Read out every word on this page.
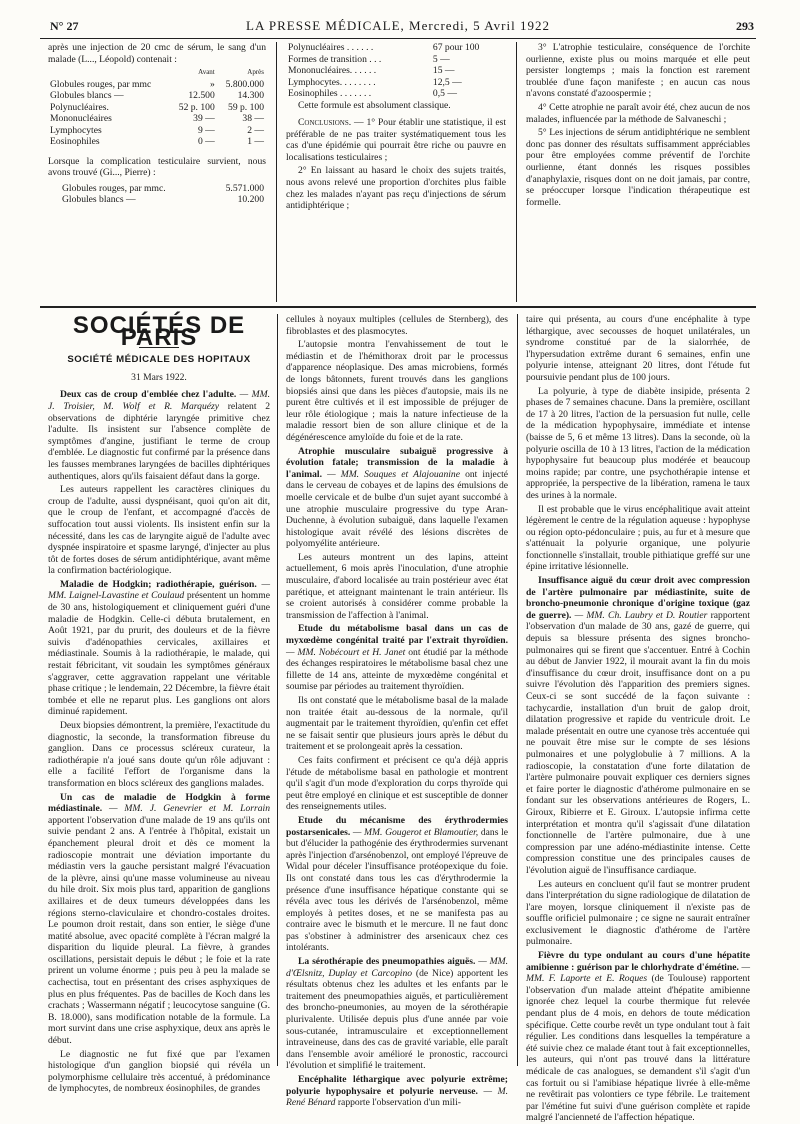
N° 27	LA PRESSE MÉDICALE, Mercredi, 5 Avril 1922	293

après une injection de 20 cmc de sérum, le sang d'un malade (L..., Léopold) contenait :

	Avant	Après
Globules rouges, par mmc	»	5.800.000
Globules blancs —	12.500	14.300

Polynucléaires.	52 p. 100	59 p. 100
Mononucléaires	39 —	38 —
Lymphocytes	9 —	2 —
Eosinophiles	0 —	1 —

Lorsque la complication testiculaire survient, nous avons trouvé (Gi..., Pierre) :

Globules rouges, par mmc.	5.571.000
Globules blancs —	10.200
Polynucléaires . . . . . .	67 pour 100
Formes de transition . . .	5 —
Mononucléaires. . . . . .	15 —
Lymphocytes. . . . . . . .	12,5 —
Eosinophiles . . . . . . .	0,5 —

Cette formule est absolument classique.

Conclusions. — 1° Pour établir une statistique, il est préférable de ne pas traiter systématiquement tous les cas d'une épidémie qui pourrait être riche ou pauvre en localisations testiculaires ;

2° En laissant au hasard le choix des sujets traités, nous avons relevé une proportion d'orchites plus faible chez les malades n'ayant pas reçu d'injections de sérum antidiphtérique ;

3° L'atrophie testiculaire, conséquence de l'orchite ourlienne, existe plus ou moins marquée et elle peut persister longtemps ; mais la fonction est rarement troublée d'une façon manifeste ; en aucun cas nous n'avons constaté d'azoospermie ;

4° Cette atrophie ne paraît avoir été, chez aucun de nos malades, influencée par la méthode de Salvaneschi ;

5° Les injections de sérum antidiphtérique ne semblent donc pas donner des résultats suffisamment appréciables pour être employées comme préventif de l'orchite ourlienne, étant donnés les risques possibles d'anaphylaxie, risques dont on ne doit jamais, par contre, se préoccuper lorsque l'indication thérapeutique est formelle.

SOCIÉTÉS DE PARIS
SOCIÉTÉ MÉDICALE DES HOPITAUX
31 Mars 1922.

Deux cas de croup d'emblée chez l'adulte. — MM. J. Troisier, M. Wolf et R. Marquézy relatent 2 observations de diphtérie laryngée primitive chez l'adulte. Ils insistent sur l'absence complète de symptômes d'angine, justifiant le terme de croup d'emblée. Le diagnostic fut confirmé par la présence dans les fausses membranes laryngées de bacilles diphtériques authentiques, alors qu'ils faisaient défaut dans la gorge.

Les auteurs rappellent les caractères cliniques du croup de l'adulte, aussi dyspnéisant, quoi qu'on ait dit, que le croup de l'enfant, et accompagné d'accès de suffocation tout aussi violents. Ils insistent enfin sur la nécessité, dans les cas de laryngite aiguë de l'adulte avec dyspnée inspiratoire et spasme laryngé, d'injecter au plus tôt de fortes doses de sérum antidiphtérique, avant même la confirmation bactériologique.

Maladie de Hodgkin; radiothérapie, guérison. — MM. Laignel-Lavastine et Coulaud présentent un homme de 30 ans, histologiquement et cliniquement guéri d'une maladie de Hodgkin. Celle-ci débuta brutalement, en Août 1921, par du prurit, des douleurs et de la fièvre suivis d'adénopathies cervicales, axillaires et médiastinale. Soumis à la radiothérapie, le malade, qui restait fébricitant, vit soudain les symptômes généraux s'aggraver, cette aggravation rappelant une véritable phase critique ; le lendemain, 22 Décembre, la fièvre était tombée et elle ne reparut plus. Les ganglions ont alors diminué rapidement.

Deux biopsies démontrent, la première, l'exactitude du diagnostic, la seconde, la transformation fibreuse du ganglion. Dans ce processus scléreux curateur, la radiothérapie n'a joué sans doute qu'un rôle adjuvant : elle a facilité l'effort de l'organisme dans la transformation en blocs scléreux des ganglions malades.

Un cas de maladie de Hodgkin à forme médiastinale. — MM. J. Genevrier et M. Lorrain apportent l'observation d'une malade de 19 ans qu'ils ont suivie pendant 2 ans. A l'entrée à l'hôpital, existait un épanchement pleural droit et dès ce moment la radioscopie montrait une déviation importante du médiastin vers la gauche persistant malgré l'évacuation de la plèvre, ainsi qu'une masse volumineuse au niveau du hile droit. Six mois plus tard, apparition de ganglions axillaires et de deux tumeurs développées dans les régions sterno-claviculaire et chondro-costales droites. Le poumon droit restait, dans son entier, le siège d'une matité absolue, avec opacité complète à l'écran malgré la disparition du liquide pleural. La fièvre, à grandes oscillations, persistait depuis le début ; le foie et la rate prirent un volume énorme ; puis peu à peu la malade se cachectisa, tout en présentant des crises asphyxiques de plus en plus fréquentes. Pas de bacilles de Koch dans les crachats ; Wassermann négatif ; leucocytose sanguine (G. B. 18.000), sans modification notable de la formule. La mort survint dans une crise asphyxique, deux ans après le début.

Le diagnostic ne fut fixé que par l'examen histologique d'un ganglion biopsié qui révéla un polymorphisme cellulaire très accentué, à prédominance de lymphocytes, de nombreux éosinophiles, de grandes

cellules à noyaux multiples (cellules de Sternberg), des fibroblastes et des plasmocytes.

L'autopsie montra l'envahissement de tout le médiastin et de l'hémithorax droit par le processus d'apparence néoplasique. Des amas microbiens, formés de longs bâtonnets, furent trouvés dans les ganglions biopsiés ainsi que dans les pièces d'autopsie, mais ils ne purent être cultivés et il est impossible de préjuger de leur rôle étiologique ; mais la nature infectieuse de la maladie ressort bien de son allure clinique et de la dégénérescence amyloïde du foie et de la rate.

Atrophie musculaire subaiguë progressive à évolution fatale; transmission de la maladie à l'animal. — MM. Souques et Alajouanine ont injecté dans le cerveau de cobayes et de lapins des émulsions de moelle cervicale et de bulbe d'un sujet ayant succombé à une atrophie musculaire progressive du type Aran-Duchenne, à évolution subaiguë, dans laquelle l'examen histologique avait révélé des lésions discrètes de polyomyélite antérieure.

Les auteurs montrent un des lapins, atteint actuellement, 6 mois après l'inoculation, d'une atrophie musculaire, d'abord localisée au train postérieur avec état parétique, et atteignant maintenant le train antérieur. Ils se croient autorisés à considérer comme probable la transmission de l'affection à l'animal.

Etude du métabolisme basal dans un cas de myxœdème congénital traité par l'extrait thyroïdien. — MM. Nobécourt et H. Janet ont étudié par la méthode des échanges respiratoires le métabolisme basal chez une fillette de 14 ans, atteinte de myxœdème congénital et soumise par périodes au traitement thyroïdien.

Ils ont constaté que le métabolisme basal de la malade non traitée était au-dessous de la normale, qu'il augmentait par le traitement thyroïdien, qu'enfin cet effet ne se faisait sentir que plusieurs jours après le début du traitement et se prolongeait après la cessation.

Ces faits confirment et précisent ce qu'a déjà appris l'étude de métabolisme basal en pathologie et montrent qu'il s'agit d'un mode d'exploration du corps thyroïde qui peut être employé en clinique et est susceptible de donner des renseignements utiles.

Etude du mécanisme des érythrodermies postarsenicales. — MM. Gougerot et Blamoutier, dans le but d'élucider la pathogénie des érythrodermies survenant après l'injection d'arsénobenzol, ont employé l'épreuve de Widal pour déceler l'insuffisance protéopexique du foie. Ils ont constaté dans tous les cas d'érythrodermie la présence d'une insuffisance hépatique constante qui se révéla avec tous les dérivés de l'arsénobenzol, même employés à petites doses, et ne se manifesta pas au contraire avec le bismuth et le mercure. Il ne faut donc pas s'obstiner à administrer des arsenicaux chez ces intolérants.

La sérothérapie des pneumopathies aiguës. — MM. d'Œlsnitz, Duplay et Carcopino (de Nice) apportent les résultats obtenus chez les adultes et les enfants par le traitement des pneumopathies aiguës, et particulièrement des broncho-pneumonies, au moyen de la sérothérapie plurivalente. Utilisée depuis plus d'une année par voie sous-cutanée, intramusculaire et exceptionnellement intraveineuse, dans des cas de gravité variable, elle paraît dans l'ensemble avoir amélioré le pronostic, raccourci l'évolution et simplifié le traitement.

Encéphalite léthargique avec polyurie extrême; polyurie hypophysaire et polyurie nerveuse. — M. René Bénard rapporte l'observation d'un mili-

taire qui présenta, au cours d'une encéphalite à type léthargique, avec secousses de hoquet unilatérales, un syndrome constitué par de la sialorrhée, de l'hypersudation extrême durant 6 semaines, enfin une polyurie intense, atteignant 20 litres, dont l'étude fut poursuivie pendant plus de 100 jours.

La polyurie, à type de diabète insipide, présenta 2 phases de 7 semaines chacune. Dans la première, oscillant de 17 à 20 litres, l'action de la persuasion fut nulle, celle de la médication hypophysaire, immédiate et intense (baisse de 5, 6 et même 13 litres). Dans la seconde, où la polyurie oscilla de 10 à 13 litres, l'action de la médication hypophysaire fut beaucoup plus modérée et beaucoup moins rapide; par contre, une psychothérapie intense et appropriée, la perspective de la libération, ramena le taux des urines à la normale.

Il est probable que le virus encéphalitique avait atteint légèrement le centre de la régulation aqueuse : hypophyse ou région opto-pédonculaire ; puis, au fur et à mesure que s'atténuait la polyurie organique, une polyurie fonctionnelle s'installait, trouble pithiatique greffé sur une épine irritative lésionnelle.

Insuffisance aiguë du cœur droit avec compression de l'artère pulmonaire par médiastinite, suite de broncho-pneumonie chronique d'origine toxique (gaz de guerre). — MM. Ch. Laubry et D. Routier rapportent l'observation d'un malade de 30 ans, gazé de guerre, qui depuis sa blessure présenta des signes broncho-pulmonaires qui se firent que s'accentuer. Entré à Cochin au début de Janvier 1922, il mourait avant la fin du mois d'insuffisance du cœur droit, insuffisance dont on a pu suivre l'évolution dès l'apparition des premiers signes. Ceux-ci se sont succédé de la façon suivante : tachycardie, installation d'un bruit de galop droit, dilatation progressive et rapide du ventricule droit. Le malade présentait en outre une cyanose très accentuée qui ne pouvait être mise sur le compte de ses lésions pulmonaires et une polyglobulie à 7 millions. A la radioscopie, la constatation d'une forte dilatation de l'artère pulmonaire pouvait expliquer ces derniers signes et faire porter le diagnostic d'athérome pulmonaire en se fondant sur les observations antérieures de Rogers, L. Giroux, Ribierre et E. Giroux. L'autopsie infirma cette interprétation et montra qu'il s'agissait d'une dilatation fonctionnelle de l'artère pulmonaire, due à une compression par une adéno-médiastinite intense. Cette compression constitue une des principales causes de l'évolution aiguë de l'insuffisance cardiaque.

Les auteurs en concluent qu'il faut se montrer prudent dans l'interprétation du signe radiologique de dilatation de l'are moyen, lorsque cliniquement il n'existe pas de souffle orificiel pulmonaire ; ce signe ne saurait entraîner exclusivement le diagnostic d'athérome de l'artère pulmonaire.

Fièvre du type ondulant au cours d'une hépatite amibienne : guérison par le chlorhydrate d'émétine. — MM. F. Laporte et E. Roques (de Toulouse) rapportent l'observation d'un malade atteint d'hépatite amibienne ignorée chez lequel la courbe thermique fut relevée pendant plus de 4 mois, en dehors de toute médication spécifique. Cette courbe revêt un type ondulant tout à fait régulier. Les conditions dans lesquelles la température a été suivie chez ce malade étant tout à fait exceptionnelles, les auteurs, qui n'ont pas trouvé dans la littérature médicale de cas analogues, se demandent s'il s'agit d'un cas fortuit ou si l'amibiase hépatique livrée à elle-même ne revêtirait pas volontiers ce type fébrile. Le traitement par l'émétine fut suivi d'une guérison complète et rapide malgré l'ancienneté de l'affection hépatique.
